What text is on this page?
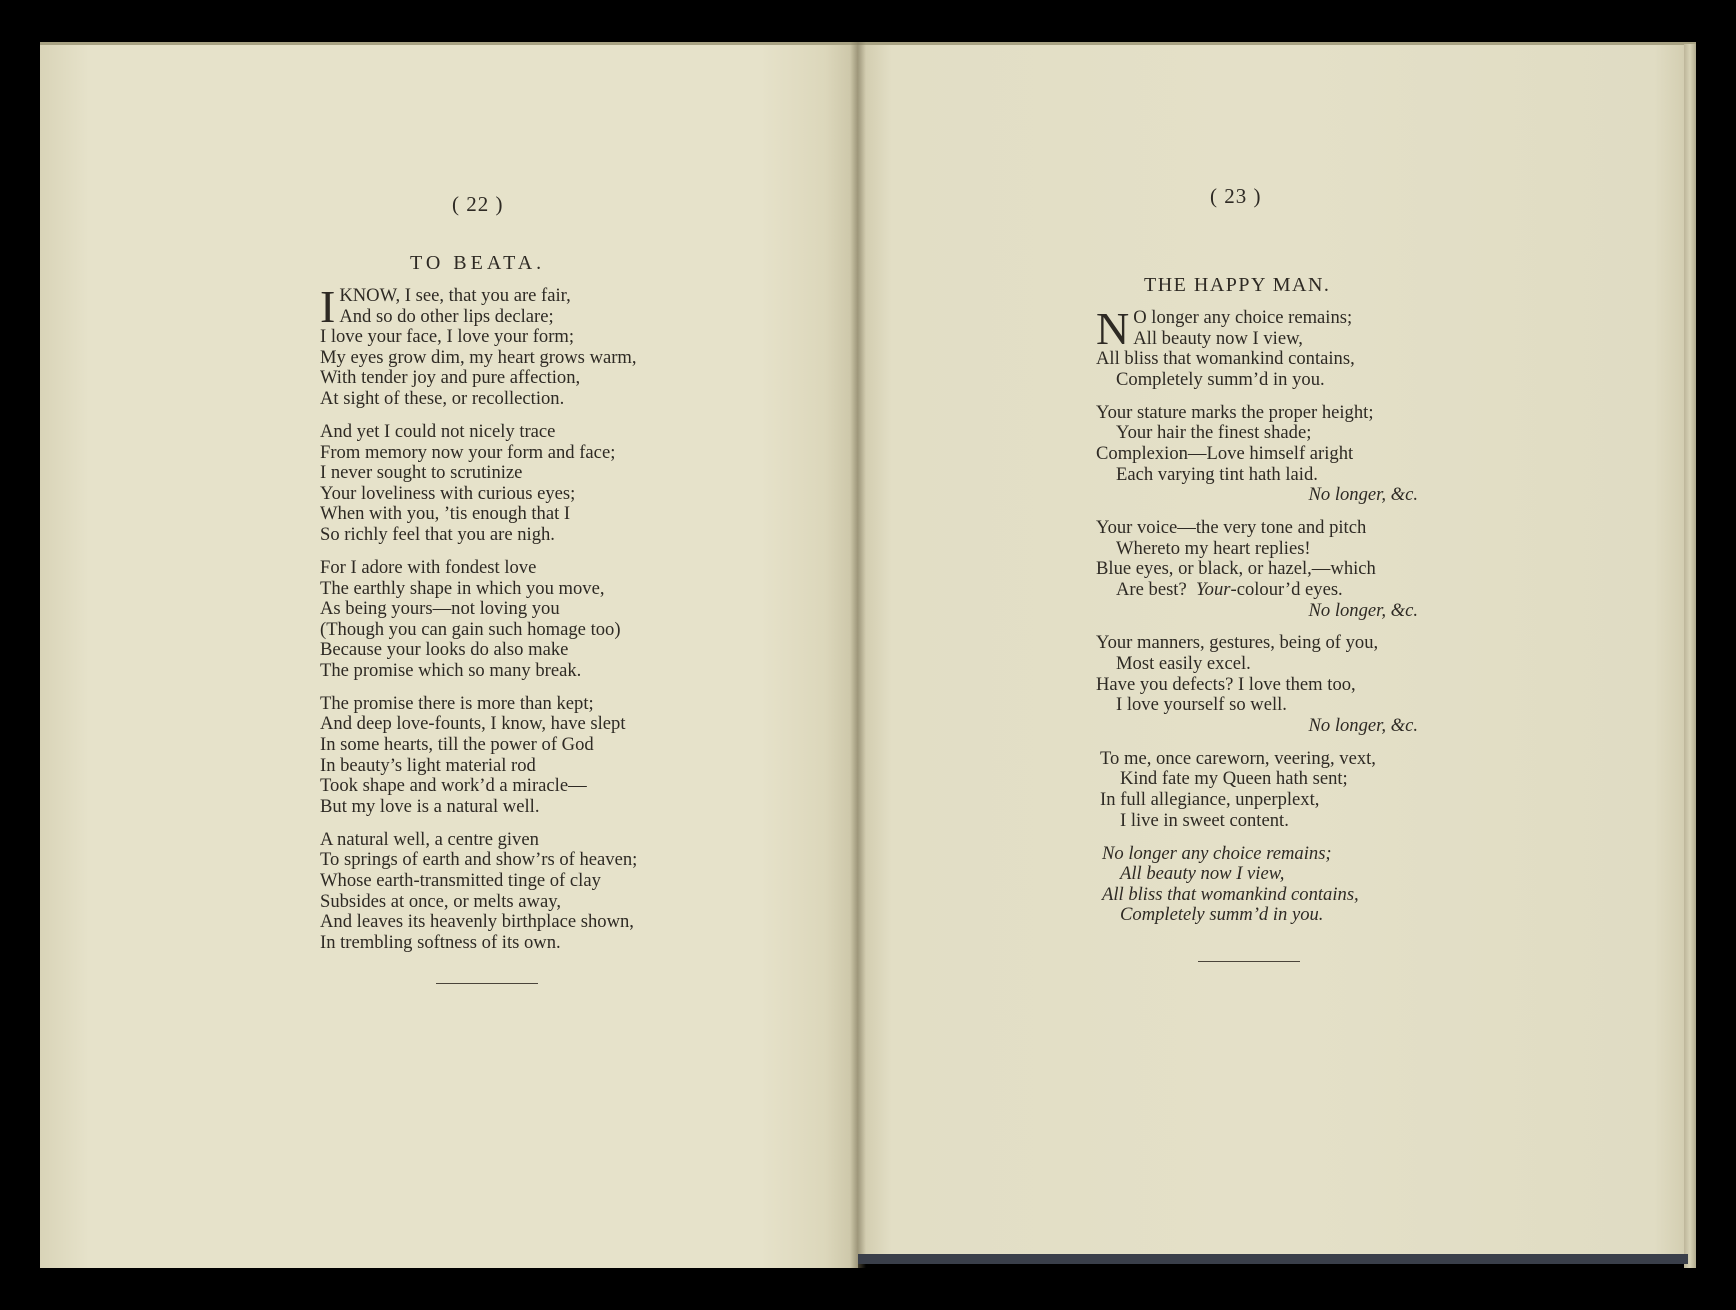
( 22 )
TO BEATA.
I KNOW, I see, that you are fair,
And so do other lips declare;
I love your face, I love your form;
My eyes grow dim, my heart grows warm,
With tender joy and pure affection,
At sight of these, or recollection.
And yet I could not nicely trace
From memory now your form and face;
I never sought to scrutinize
Your loveliness with curious eyes;
When with you, ’tis enough that I
So richly feel that you are nigh.
For I adore with fondest love
The earthly shape in which you move,
As being yours—not loving you
(Though you can gain such homage too)
Because your looks do also make
The promise which so many break.
The promise there is more than kept;
And deep love-founts, I know, have slept
In some hearts, till the power of God
In beauty’s light material rod
Took shape and work’d a miracle—
But my love is a natural well.
A natural well, a centre given
To springs of earth and show’rs of heaven;
Whose earth-transmitted tinge of clay
Subsides at once, or melts away,
And leaves its heavenly birthplace shown,
In trembling softness of its own.
( 23 )
THE HAPPY MAN.
N O longer any choice remains;
All beauty now I view,
All bliss that womankind contains,
Completely summ’d in you.
Your stature marks the proper height;
Your hair the finest shade;
Complexion—Love himself aright
Each varying tint hath laid.
No longer, &c.
Your voice—the very tone and pitch
Whereto my heart replies!
Blue eyes, or black, or hazel,—which
Are best?  Your-colour’d eyes.
No longer, &c.
Your manners, gestures, being of you,
Most easily excel.
Have you defects? I love them too,
I love yourself so well.
No longer, &c.
To me, once careworn, veering, vext,
Kind fate my Queen hath sent;
In full allegiance, unperplext,
I live in sweet content.
No longer any choice remains;
All beauty now I view,
All bliss that womankind contains,
Completely summ’d in you.
